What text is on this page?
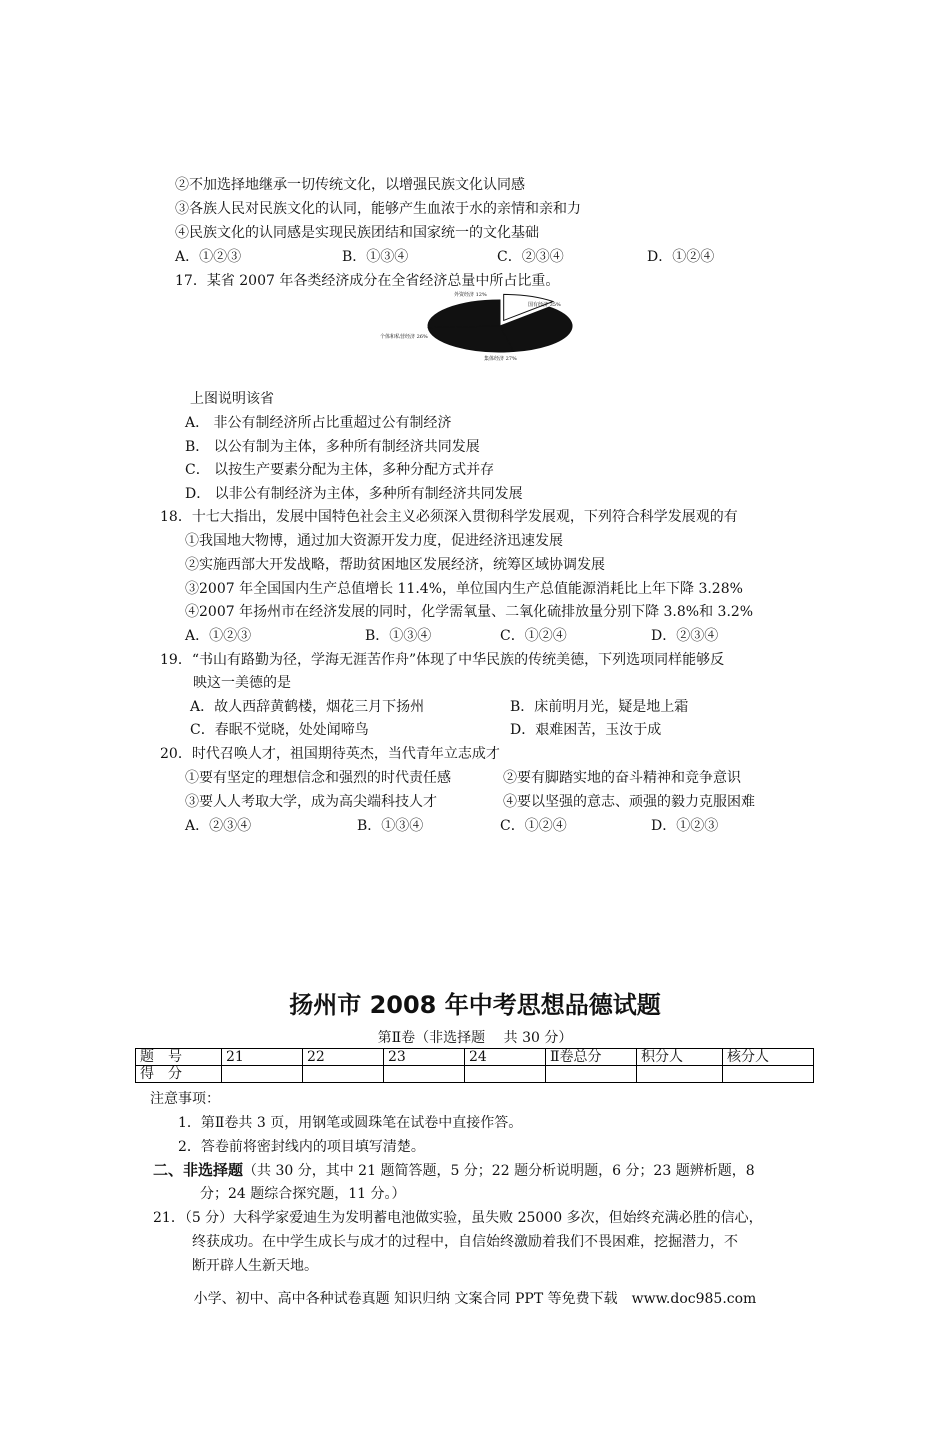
②不加选择地继承一切传统文化，以增强民族文化认同感
③各族人民对民族文化的认同，能够产生血浓于水的亲情和亲和力
④民族文化的认同感是实现民族团结和国家统一的文化基础
A．①②③	B．①③④	C．②③④	D．①②④
17．某省 2007 年各类经济成分在全省经济总量中所占比重。
外资经济 12%
国有经济 35%
集体经济 27%
个体和私营经济 26%
上图说明该省
A． 非公有制经济所占比重超过公有制经济
B． 以公有制为主体，多种所有制经济共同发展
C． 以按生产要素分配为主体，多种分配方式并存
D． 以非公有制经济为主体，多种所有制经济共同发展
18．十七大指出，发展中国特色社会主义必须深入贯彻科学发展观，下列符合科学发展观的有
①我国地大物博，通过加大资源开发力度，促进经济迅速发展
②实施西部大开发战略，帮助贫困地区发展经济，统筹区域协调发展
③2007 年全国国内生产总值增长 11.4%，单位国内生产总值能源消耗比上年下降 3.28%
④2007 年扬州市在经济发展的同时，化学需氧量、二氧化硫排放量分别下降 3.8%和 3.2%
A．①②③	B．①③④	C．①②④	D．②③④
19．“书山有路勤为径，学海无涯苦作舟”体现了中华民族的传统美德，下列选项同样能够反
映这一美德的是
A．故人西辞黄鹤楼，烟花三月下扬州	B．床前明月光，疑是地上霜
C．春眠不觉晓，处处闻啼鸟	D．艰难困苦，玉汝于成
20．时代召唤人才，祖国期待英杰，当代青年立志成才
①要有坚定的理想信念和强烈的时代责任感	②要有脚踏实地的奋斗精神和竞争意识
③要人人考取大学，成为高尖端科技人才	④要以坚强的意志、顽强的毅力克服困难
A．②③④	B．①③④	C．①②④	D．①②③
扬州市 2008 年中考思想品德试题
第Ⅱ卷（非选择题　 共 30 分）
题　号	21	22	23	24	Ⅱ卷总分	积分人	核分人
得　分							
注意事项：
1．第Ⅱ卷共 3 页，用钢笔或圆珠笔在试卷中直接作答。
2．答卷前将密封线内的项目填写清楚。
二、非选择题（共 30 分，其中 21 题简答题，5 分；22 题分析说明题，6 分；23 题辨析题，8
分；24 题综合探究题，11 分。）
21．（5 分）大科学家爱迪生为发明蓄电池做实验，虽失败 25000 多次，但始终充满必胜的信心，
终获成功。在中学生成长与成才的过程中，自信始终激励着我们不畏困难，挖掘潜力，不
断开辟人生新天地。
小学、初中、高中各种试卷真题 知识归纳 文案合同 PPT 等免费下载　www.doc985.com
